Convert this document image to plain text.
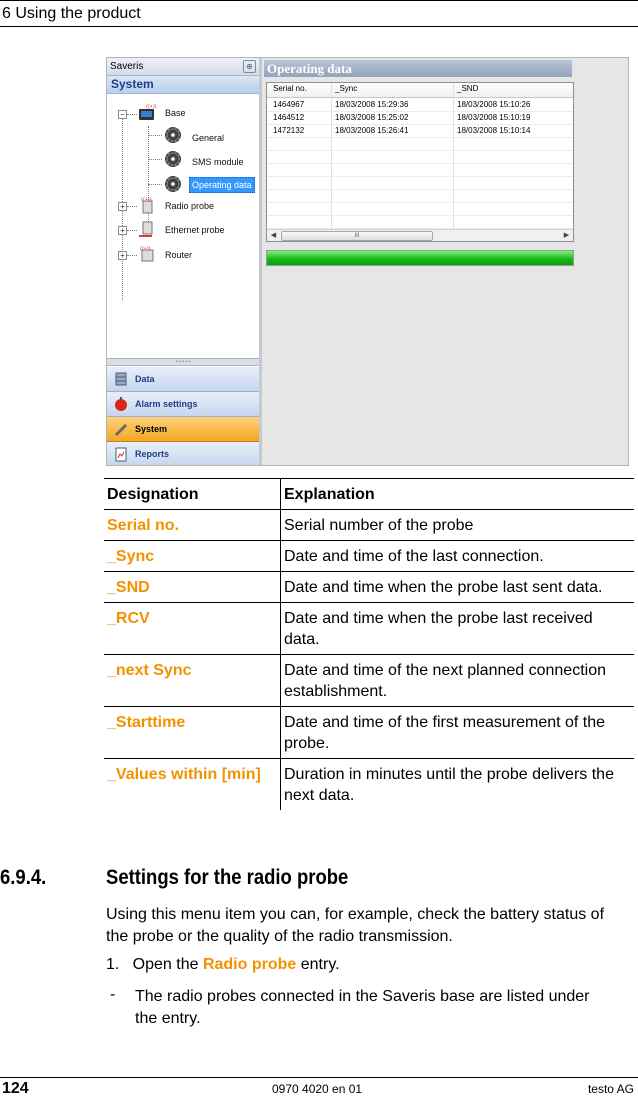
6 Using the product
Saveris	⊕
System
−
((•))
Base
General
SMS module
Operating data
+
((•))
Radio probe
+	Ethernet probe
+
((•))
Router
• • • • •
Data
Alarm settings
System
Reports
Operating data
Serial no.	_Sync	_SND
1464967	18/03/2008 15:29:36	18/03/2008 15:10:26
1464512	18/03/2008 15:25:02	18/03/2008 15:10:19
1472132	18/03/2008 15:26:41	18/03/2008 15:10:14
◀	III	▶
Designation	Explanation
Serial no.	Serial number of the probe
_Sync	Date and time of the last connection.
_SND	Date and time when the probe last sent data.
_RCV	Date and time when the probe last received data.
_next Sync	Date and time of the next planned connection establishment.
_Starttime	Date and time of the first measurement of the probe.
_Values within [min]	Duration in minutes until the probe delivers the next data.
6.9.4.	Settings for the radio probe
Using this menu item you can, for example, check the battery status of the probe or the quality of the radio transmission.
1.   Open the Radio probe entry.
- The radio probes connected in the Saveris base are listed under the entry.
124	0970 4020 en 01	testo AG
